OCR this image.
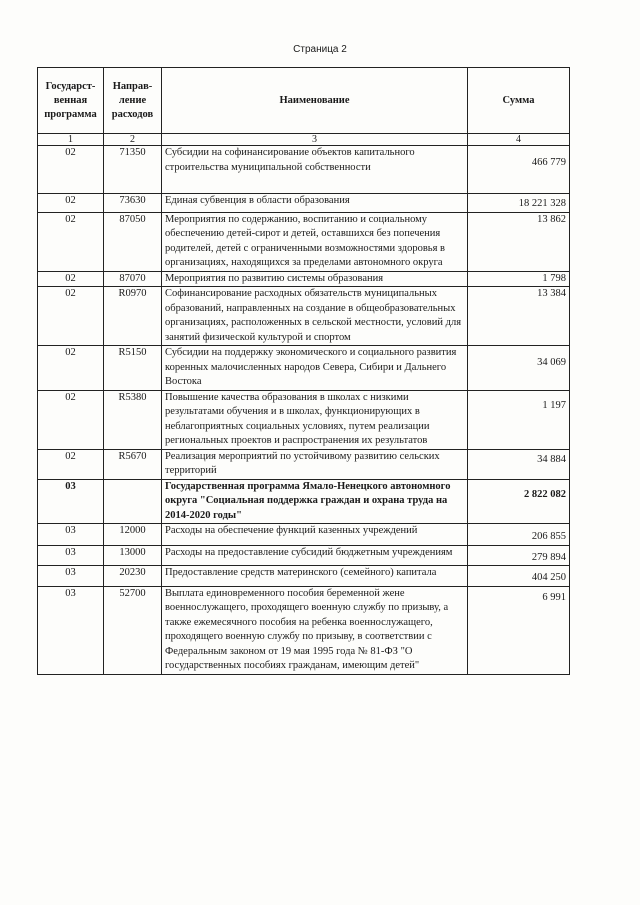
Страница 2
Государст-венная программа	Направ-ление расходов	Наименование	Сумма
1	2	3	4
02	71350	Субсидии на софинансирование объектов капитального строительства муниципальной собственности	466 779
02	73630	Единая субвенция в области образования	18 221 328
02	87050	Мероприятия по содержанию, воспитанию и социальному обеспечению детей-сирот и детей, оставшихся без попечения родителей, детей с ограниченными возможностями здоровья в организациях, находящихся за пределами автономного округа	13 862
02	87070	Мероприятия по развитию системы образования	1 798
02	R0970	Софинансирование расходных обязательств муниципальных образований, направленных на создание в общеобразовательных организациях, расположенных в сельской местности, условий для занятий физической культурой и спортом	13 384
02	R5150	Субсидии на поддержку экономического и социального развития коренных малочисленных народов Севера, Сибири и Дальнего Востока	34 069
02	R5380	Повышение качества образования в школах с низкими результатами обучения и в школах, функционирующих в неблагоприятных социальных условиях, путем реализации региональных проектов и распространения их результатов	1 197
02	R5670	Реализация мероприятий по устойчивому развитию сельских территорий	34 884
03		Государственная программа Ямало-Ненецкого автономного округа "Социальная поддержка граждан и охрана труда на 2014-2020 годы"	2 822 082
03	12000	Расходы на обеспечение функций казенных учреждений	206 855
03	13000	Расходы на предоставление субсидий бюджетным учреждениям	279 894
03	20230	Предоставление средств материнского (семейного) капитала	404 250
03	52700	Выплата единовременного пособия беременной жене военнослужащего, проходящего военную службу по призыву, а также ежемесячного пособия на ребенка военнослужащего, проходящего военную службу по призыву, в соответствии с Федеральным законом от 19 мая 1995 года № 81-ФЗ "О государственных пособиях гражданам, имеющим детей"	6 991
